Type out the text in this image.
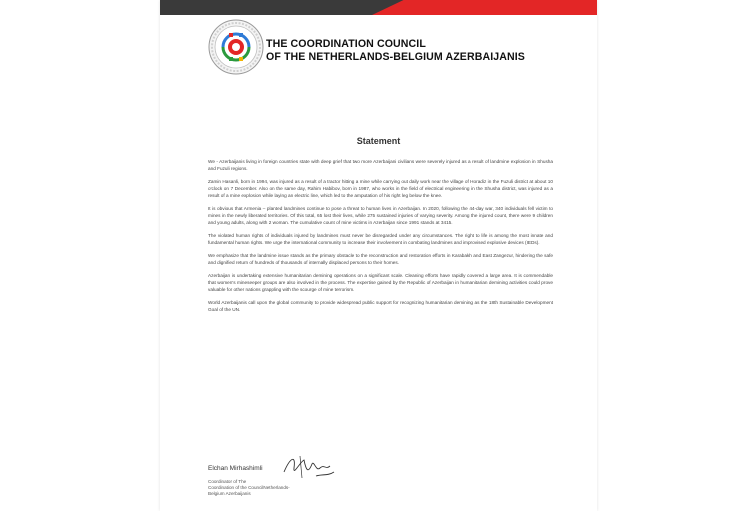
THE COORDINATION COUNCIL
OF THE NETHERLANDS-BELGIUM AZERBAIJANIS
Statement

We - Azerbaijanis living in foreign countries state with deep grief that two more Azerbaijani civilians were severely injured as a result of landmine explosion in Shusha and Fuzuli regions.

Zamin Hasanli, born in 1994, was injured as a result of a tractor hitting a mine while carrying out daily work near the village of Horadiz in the Fuzuli district at about 10 o'clock on 7 December. Also on the same day, Rahim Habibov, born in 1987, who works in the field of electrical engineering in the Shusha district, was injured as a result of a mine explosion while laying an electric line, which led to the amputation of his right leg below the knee.

It is obvious that Armenia – planted landmines continue to pose a threat to human lives in Azerbaijan. In 2020, following the 44-day war, 340 individuals fell victim to mines in the newly liberated territories. Of this total, 65 lost their lives, while 275 sustained injuries of varying severity. Among the injured count, there were 9 children and young adults, along with 2 woman. The cumulative count of mine victims in Azerbaijan since 1991 stands at 3415.

The violated human rights of individuals injured by landmines must never be disregarded under any circumstances. The right to life is among the most innate and fundamental human rights. We urge the international community to increase their involvement in combating landmines and improvised explosive devices (IEDs).

We emphasize that the landmine issue stands as the primary obstacle to the reconstruction and restoration efforts in Karabakh and East Zangezur, hindering the safe and dignified return of hundreds of thousands of internally displaced persons to their homes.

Azerbaijan is undertaking extensive humanitarian demining operations on a significant scale. Cleaning efforts have rapidly covered a large area. It is commendable that women's mineseeper groups are also involved in the process. The expertise gained by the Republic of Azerbaijan in humanitarian demining activities could prove valuable for other nations grappling with the scourge of mine terrorism.

World Azerbaijanis call upon the global community to provide widespread public support for recognizing humanitarian demining as the 18th Sustainable Development Goal of the UN.

Elchan Mirhashimli
Coordinator of The
Coordination of the CouncilNetherlands-
Belgium Azerbaijanis
